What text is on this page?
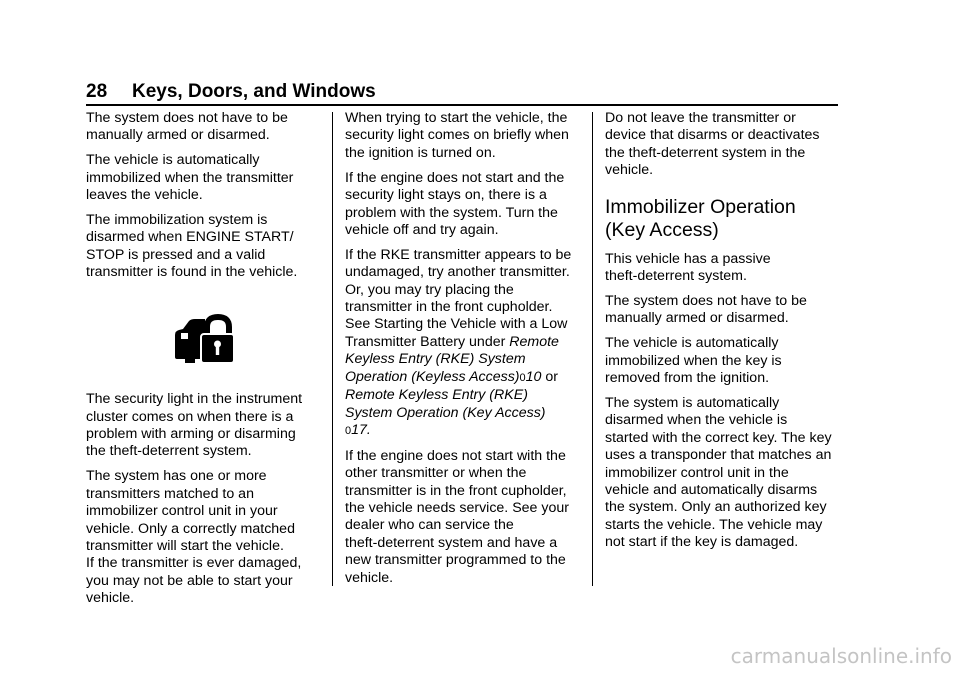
28 Keys, Doors, and Windows

The system does not have to be
manually armed or disarmed.

The vehicle is automatically
immobilized when the transmitter
leaves the vehicle.

The immobilization system is
disarmed when ENGINE START/
STOP is pressed and a valid
transmitter is found in the vehicle.

The security light in the instrument
cluster comes on when there is a
problem with arming or disarming
the theft-deterrent system.

The system has one or more
transmitters matched to an
immobilizer control unit in your
vehicle. Only a correctly matched
transmitter will start the vehicle.
If the transmitter is ever damaged,
you may not be able to start your
vehicle.

When trying to start the vehicle, the
security light comes on briefly when
the ignition is turned on.

If the engine does not start and the
security light stays on, there is a
problem with the system. Turn the
vehicle off and try again.

If the RKE transmitter appears to be
undamaged, try another transmitter.
Or, you may try placing the
transmitter in the front cupholder.
See Starting the Vehicle with a Low
Transmitter Battery under Remote
Keyless Entry (RKE) System
Operation (Keyless Access)010 or
Remote Keyless Entry (RKE)
System Operation (Key Access)
017.

If the engine does not start with the
other transmitter or when the
transmitter is in the front cupholder,
the vehicle needs service. See your
dealer who can service the
theft-deterrent system and have a
new transmitter programmed to the
vehicle.

Do not leave the transmitter or
device that disarms or deactivates
the theft-deterrent system in the
vehicle.

Immobilizer Operation
(Key Access)

This vehicle has a passive
theft-deterrent system.

The system does not have to be
manually armed or disarmed.

The vehicle is automatically
immobilized when the key is
removed from the ignition.

The system is automatically
disarmed when the vehicle is
started with the correct key. The key
uses a transponder that matches an
immobilizer control unit in the
vehicle and automatically disarms
the system. Only an authorized key
starts the vehicle. The vehicle may
not start if the key is damaged.

carmanualsonline.info
